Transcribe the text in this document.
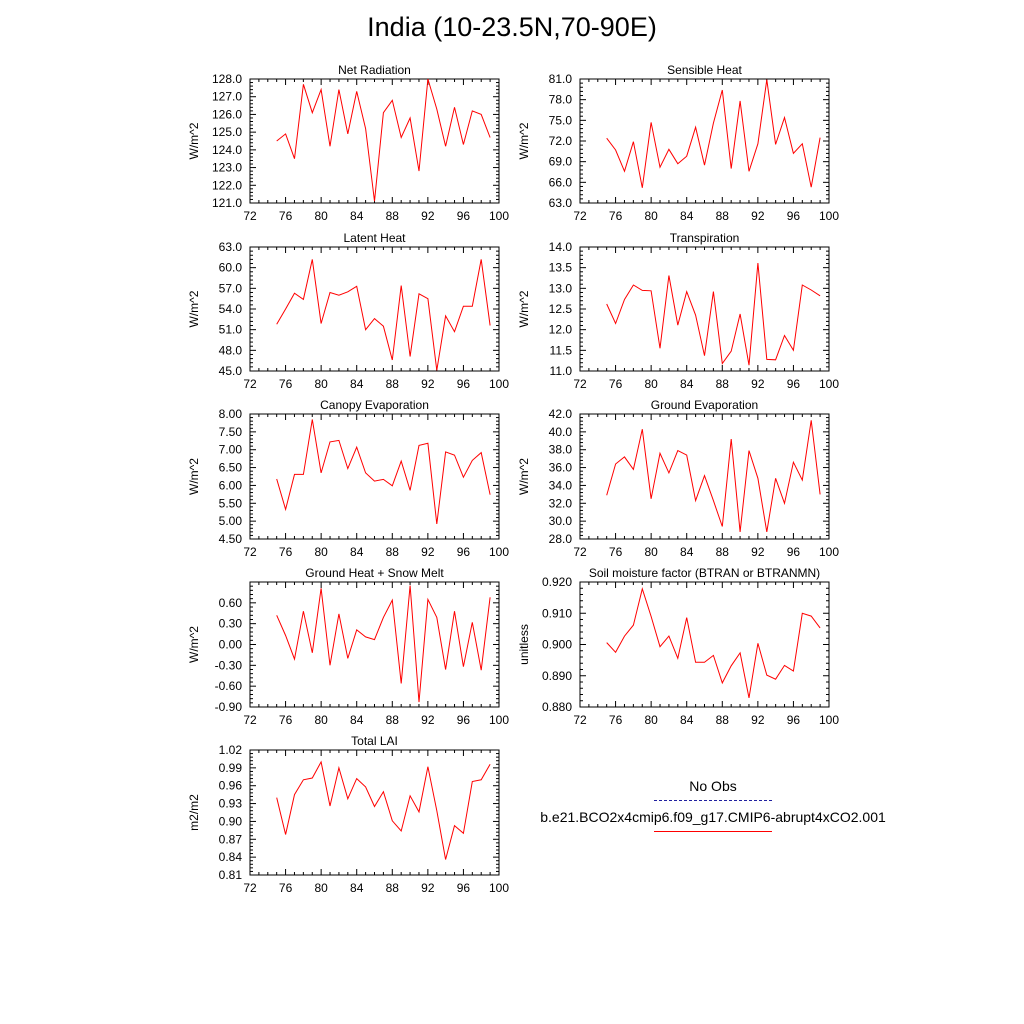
India (10-23.5N,70-90E)
Net Radiation
W/m^2
72 76 80 84 88 92 96 100
121.0
122.0
123.0
124.0
125.0
126.0
127.0
128.0
Sensible Heat
W/m^2
72 76 80 84 88 92 96 100
63.0
66.0
69.0
72.0
75.0
78.0
81.0
Latent Heat
W/m^2
72 76 80 84 88 92 96 100
45.0
48.0
51.0
54.0
57.0
60.0
63.0
Transpiration
W/m^2
72 76 80 84 88 92 96 100
11.0
11.5
12.0
12.5
13.0
13.5
14.0
Canopy Evaporation
W/m^2
72 76 80 84 88 92 96 100
4.50
5.00
5.50
6.00
6.50
7.00
7.50
8.00
Ground Evaporation
W/m^2
72 76 80 84 88 92 96 100
28.0
30.0
32.0
34.0
36.0
38.0
40.0
42.0
Ground Heat + Snow Melt
W/m^2
72 76 80 84 88 92 96 100
-0.90
-0.60
-0.30
0.00
0.30
0.60
Soil moisture factor (BTRAN or BTRANMN)
unitless
72 76 80 84 88 92 96 100
0.880
0.890
0.900
0.910
0.920
Total LAI
m2/m2
72 76 80 84 88 92 96 100
0.81
0.84
0.87
0.90
0.93
0.96
0.99
1.02
No Obs
b.e21.BCO2x4cmip6.f09_g17.CMIP6-abrupt4xCO2.001
